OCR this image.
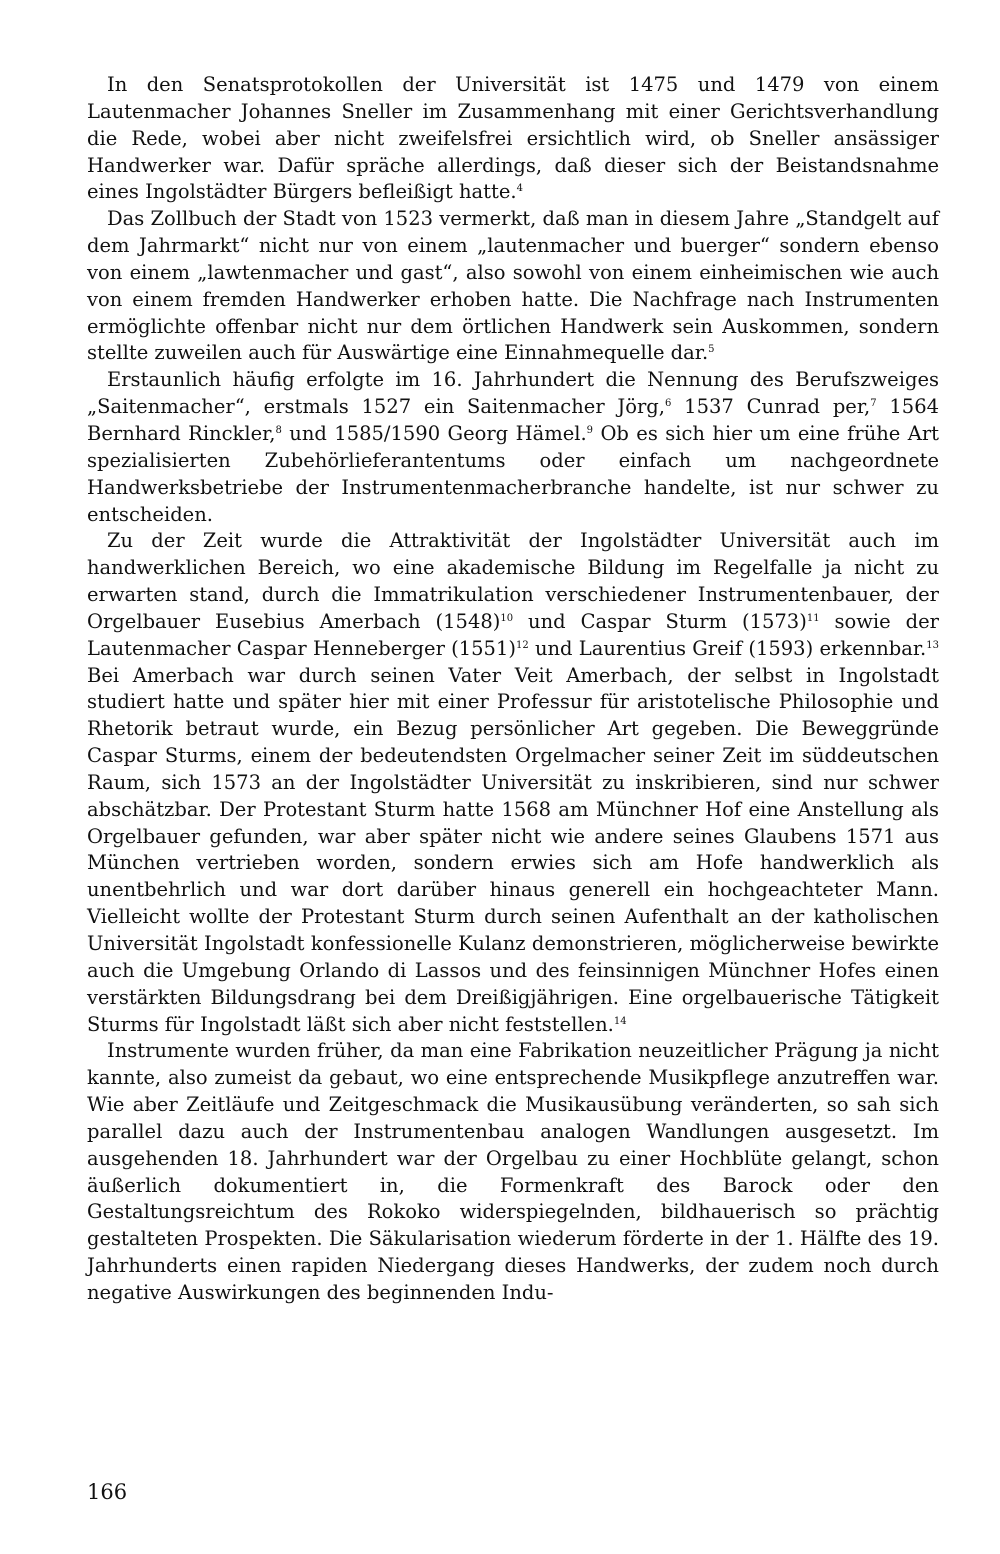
In den Senatsprotokollen der Universität ist 1475 und 1479 von einem Lautenmacher Johannes Sneller im Zusammenhang mit einer Gerichtsverhandlung die Rede, wobei aber nicht zweifelsfrei ersichtlich wird, ob Sneller ansässiger Handwerker war. Dafür spräche allerdings, daß dieser sich der Beistandsnahme eines Ingolstädter Bürgers befleißigt hatte.$^4$

Das Zollbuch der Stadt von 1523 vermerkt, daß man in diesem Jahre „Standgelt auf dem Jahrmarkt“ nicht nur von einem „lautenmacher und buerger“ sondern ebenso von einem „lawtenmacher und gast“, also sowohl von einem einheimischen wie auch von einem fremden Handwerker erhoben hatte. Die Nachfrage nach Instrumenten ermöglichte offenbar nicht nur dem örtlichen Handwerk sein Auskommen, sondern stellte zuweilen auch für Auswärtige eine Einnahmequelle dar.$^5$

Erstaunlich häufig erfolgte im 16. Jahrhundert die Nennung des Berufszweiges „Saitenmacher“, erstmals 1527 ein Saitenmacher Jörg,$^6$ 1537 Cunrad per,$^7$ 1564 Bernhard Rinckler,$^8$ und 1585/1590 Georg Hämel.$^9$ Ob es sich hier um eine frühe Art spezialisierten Zubehörlieferantentums oder einfach um nachgeordnete Handwerksbetriebe der Instrumentenmacherbranche handelte, ist nur schwer zu entscheiden.

Zu der Zeit wurde die Attraktivität der Ingolstädter Universität auch im handwerklichen Bereich, wo eine akademische Bildung im Regelfalle ja nicht zu erwarten stand, durch die Immatrikulation verschiedener Instrumentenbauer, der Orgelbauer Eusebius Amerbach $(1548)^{10}$ und Caspar Sturm $(1573)^{11}$ sowie der Lautenmacher Caspar Henneberger $(1551)^{12}$ und Laurentius Greif (1593) erkennbar.$^{13}$ Bei Amerbach war durch seinen Vater Veit Amerbach, der selbst in Ingolstadt studiert hatte und später hier mit einer Professur für aristotelische Philosophie und Rhetorik betraut wurde, ein Bezug persönlicher Art gegeben. Die Beweggründe Caspar Sturms, einem der bedeutendsten Orgelmacher seiner Zeit im süddeutschen Raum, sich 1573 an der Ingolstädter Universität zu inskribieren, sind nur schwer abschätzbar. Der Protestant Sturm hatte 1568 am Münchner Hof eine Anstellung als Orgelbauer gefunden, war aber später nicht wie andere seines Glaubens 1571 aus München vertrieben worden, sondern erwies sich am Hofe handwerklich als unentbehrlich und war dort darüber hinaus generell ein hochgeachteter Mann. Vielleicht wollte der Protestant Sturm durch seinen Aufenthalt an der katholischen Universität Ingolstadt konfessionelle Kulanz demonstrieren, möglicherweise bewirkte auch die Umgebung Orlando di Lassos und des feinsinnigen Münchner Hofes einen verstärkten Bildungsdrang bei dem Dreißigjährigen. Eine orgelbauerische Tätigkeit Sturms für Ingolstadt läßt sich aber nicht feststellen.$^{14}$

Instrumente wurden früher, da man eine Fabrikation neuzeitlicher Prägung ja nicht kannte, also zumeist da gebaut, wo eine entsprechende Musikpflege anzutreffen war. Wie aber Zeitläufe und Zeitgeschmack die Musikausübung veränderten, so sah sich parallel dazu auch der Instrumentenbau analogen Wandlungen ausgesetzt. Im ausgehenden 18. Jahrhundert war der Orgelbau zu einer Hochblüte gelangt, schon äußerlich dokumentiert in, die Formenkraft des Barock oder den Gestaltungsreichtum des Rokoko widerspiegelnden, bildhauerisch so prächtig gestalteten Prospekten. Die Säkularisation wiederum förderte in der 1. Hälfte des 19. Jahrhunderts einen rapiden Niedergang dieses Handwerks, der zudem noch durch negative Auswirkungen des beginnenden Indu-

166
